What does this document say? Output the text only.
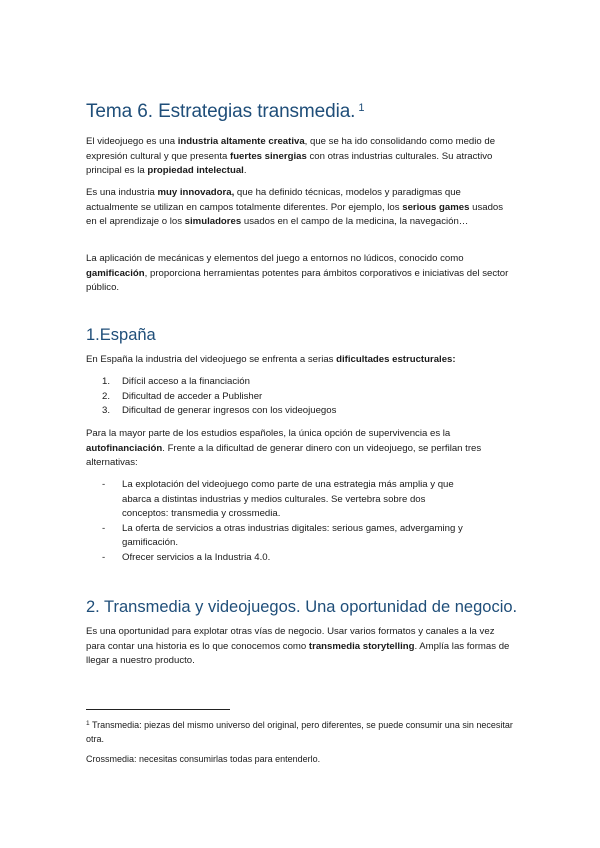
Tema 6. Estrategias transmedia. $^1$

El videojuego es una industria altamente creativa, que se ha ido consolidando como medio de expresión cultural y que presenta fuertes sinergias con otras industrias culturales. Su atractivo principal es la propiedad intelectual.

Es una industria muy innovadora, que ha definido técnicas, modelos y paradigmas que actualmente se utilizan en campos totalmente diferentes. Por ejemplo, los serious games usados en el aprendizaje o los simuladores usados en el campo de la medicina, la navegación…

La aplicación de mecánicas y elementos del juego a entornos no lúdicos, conocido como gamificación, proporciona herramientas potentes para ámbitos corporativos e iniciativas del sector público.

1.España

En España la industria del videojuego se enfrenta a serias dificultades estructurales:

1. Difícil acceso a la financiación
2. Dificultad de acceder a Publisher
3. Dificultad de generar ingresos con los videojuegos

Para la mayor parte de los estudios españoles, la única opción de supervivencia es la autofinanciación. Frente a la dificultad de generar dinero con un videojuego, se perfilan tres alternativas:

- La explotación del videojuego como parte de una estrategia más amplia y que
abarca a distintas industrias y medios culturales. Se vertebra sobre dos
conceptos: transmedia y crossmedia.
- La oferta de servicios a otras industrias digitales: serious games, advergaming y
gamificación.
- Ofrecer servicios a la Industria 4.0.
2. Transmedia y videojuegos. Una oportunidad de negocio.

Es una oportunidad para explotar otras vías de negocio. Usar varios formatos y canales a la vez para contar una historia es lo que conocemos como transmedia storytelling. Amplía las formas de llegar a nuestro producto.

$^1$ Transmedia: piezas del mismo universo del original, pero diferentes, se puede consumir una sin necesitar otra.

Crossmedia: necesitas consumirlas todas para entenderlo.
